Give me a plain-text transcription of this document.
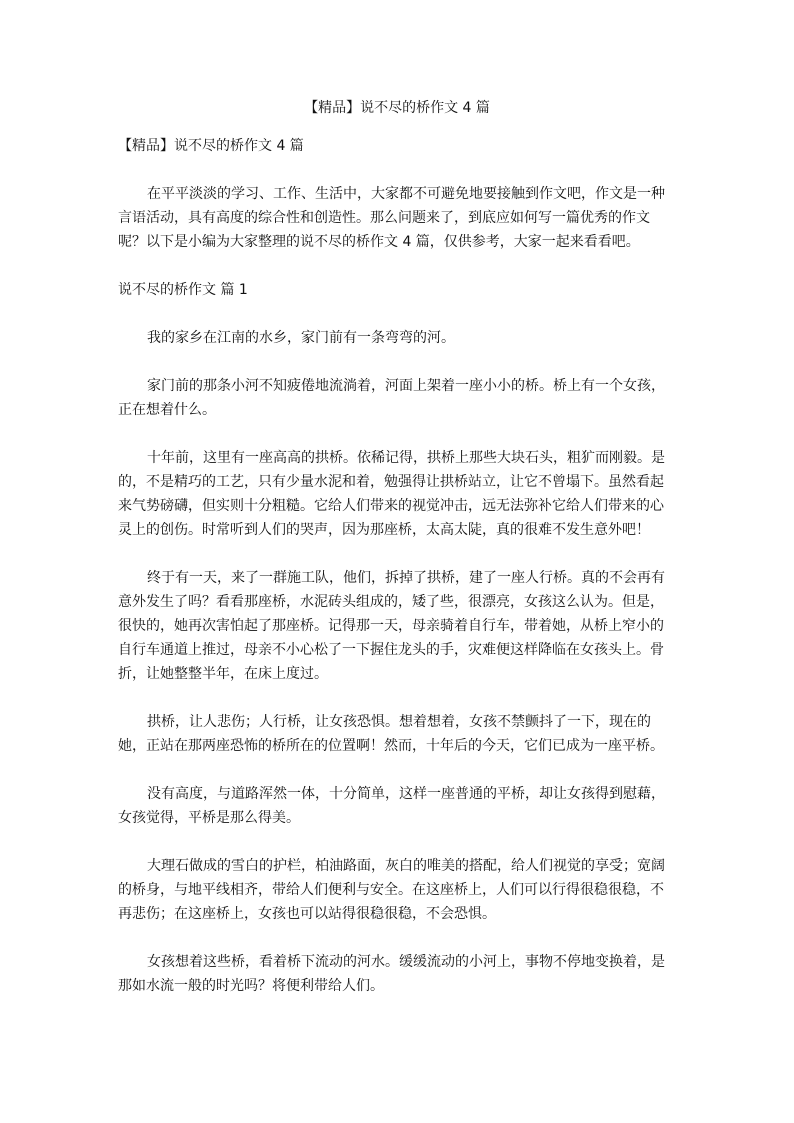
【精品】说不尽的桥作文 4 篇

【精品】说不尽的桥作文 4 篇

在平平淡淡的学习、工作、生活中，大家都不可避免地要接触到作文吧，作文是一种言语活动，具有高度的综合性和创造性。那么问题来了，到底应如何写一篇优秀的作文呢？以下是小编为大家整理的说不尽的桥作文 4 篇，仅供参考，大家一起来看看吧。

说不尽的桥作文 篇 1

我的家乡在江南的水乡，家门前有一条弯弯的河。

家门前的那条小河不知疲倦地流淌着，河面上架着一座小小的桥。桥上有一个女孩，正在想着什么。

十年前，这里有一座高高的拱桥。依稀记得，拱桥上那些大块石头，粗犷而刚毅。是的，不是精巧的工艺，只有少量水泥和着，勉强得让拱桥站立，让它不曾塌下。虽然看起来气势磅礴，但实则十分粗糙。它给人们带来的视觉冲击，远无法弥补它给人们带来的心灵上的创伤。时常听到人们的哭声，因为那座桥，太高太陡，真的很难不发生意外吧！

终于有一天，来了一群施工队，他们，拆掉了拱桥，建了一座人行桥。真的不会再有意外发生了吗？看看那座桥，水泥砖头组成的，矮了些，很漂亮，女孩这么认为。但是，很快的，她再次害怕起了那座桥。记得那一天，母亲骑着自行车，带着她，从桥上窄小的自行车通道上推过，母亲不小心松了一下握住龙头的手，灾难便这样降临在女孩头上。骨折，让她整整半年，在床上度过。

拱桥，让人悲伤；人行桥，让女孩恐惧。想着想着，女孩不禁颤抖了一下，现在的她，正站在那两座恐怖的桥所在的位置啊！然而，十年后的今天，它们已成为一座平桥。

没有高度，与道路浑然一体，十分简单，这样一座普通的平桥，却让女孩得到慰藉，女孩觉得，平桥是那么得美。

大理石做成的雪白的护栏，柏油路面，灰白的唯美的搭配，给人们视觉的享受；宽阔的桥身，与地平线相齐，带给人们便利与安全。在这座桥上，人们可以行得很稳很稳，不再悲伤；在这座桥上，女孩也可以站得很稳很稳，不会恐惧。

女孩想着这些桥，看着桥下流动的河水。缓缓流动的小河上，事物不停地变换着，是那如水流一般的时光吗？将便利带给人们。
